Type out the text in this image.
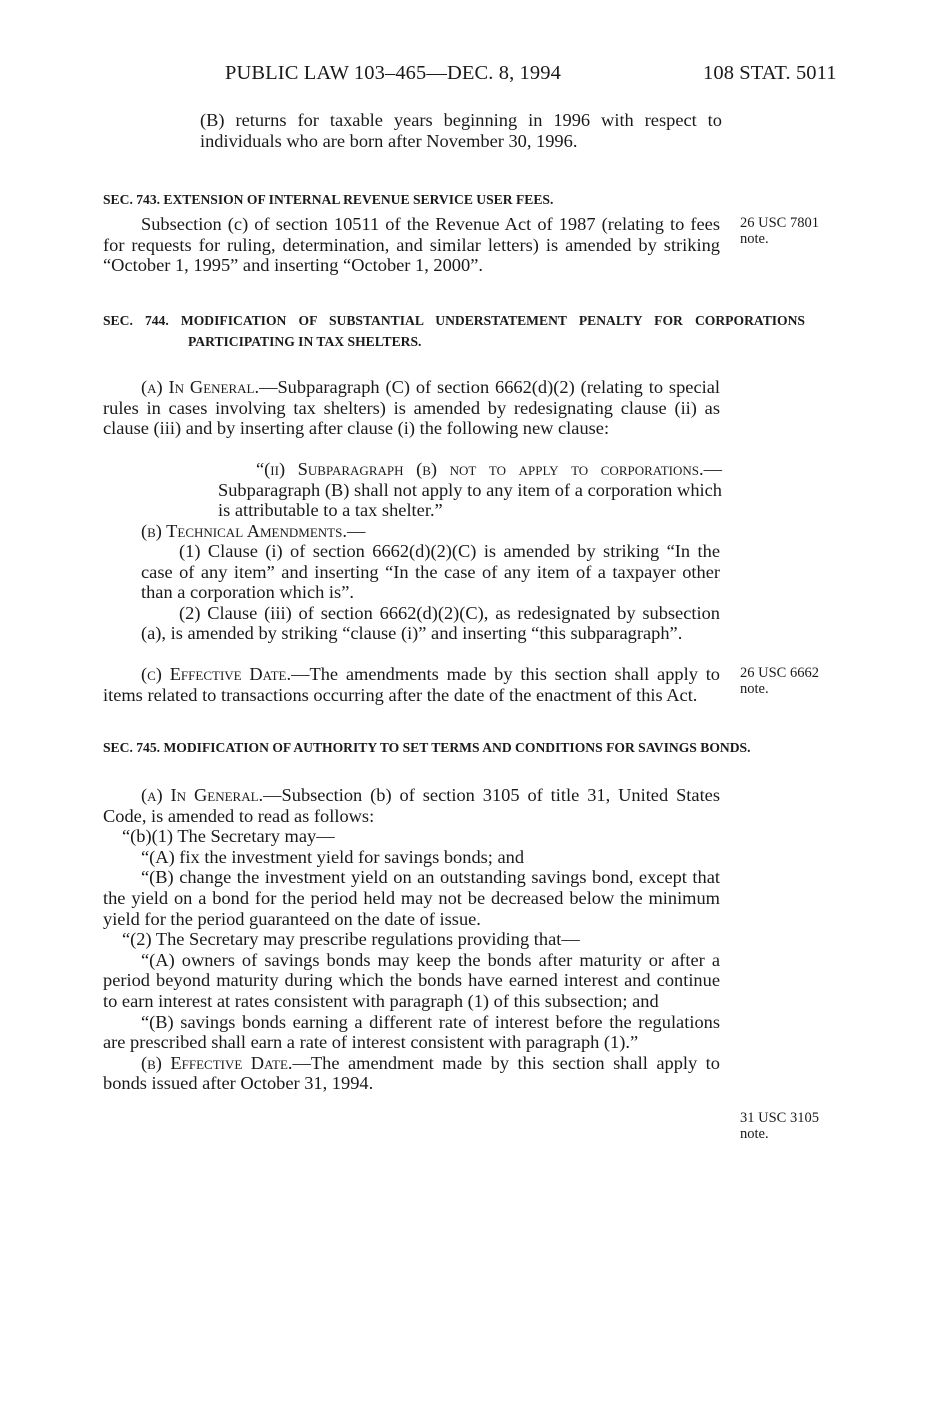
PUBLIC LAW 103–465—DEC. 8, 1994	108 STAT. 5011

(B) returns for taxable years beginning in 1996 with respect to individuals who are born after November 30, 1996.

SEC. 743. EXTENSION OF INTERNAL REVENUE SERVICE USER FEES.

Subsection (c) of section 10511 of the Revenue Act of 1987 (relating to fees for requests for ruling, determination, and similar letters) is amended by striking “October 1, 1995” and inserting “October 1, 2000”.

26 USC 7801
note.
SEC. 744. MODIFICATION OF SUBSTANTIAL UNDERSTATEMENT PENALTY FOR CORPORATIONS PARTICIPATING IN TAX SHELTERS.

(a) In General.—Subparagraph (C) of section 6662(d)(2) (relating to special rules in cases involving tax shelters) is amended by redesignating clause (ii) as clause (iii) and by inserting after clause (i) the following new clause:

“(ii) Subparagraph (b) not to apply to corporations.—Subparagraph (B) shall not apply to any item of a corporation which is attributable to a tax shelter.”

(b) Technical Amendments.—

(1) Clause (i) of section 6662(d)(2)(C) is amended by striking “In the case of any item” and inserting “In the case of any item of a taxpayer other than a corporation which is”.

(2) Clause (iii) of section 6662(d)(2)(C), as redesignated by subsection (a), is amended by striking “clause (i)” and inserting “this subparagraph”.

(c) Effective Date.—The amendments made by this section shall apply to items related to transactions occurring after the date of the enactment of this Act.

26 USC 6662
note.
SEC. 745. MODIFICATION OF AUTHORITY TO SET TERMS AND CONDITIONS FOR SAVINGS BONDS.

(a) In General.—Subsection (b) of section 3105 of title 31, United States Code, is amended to read as follows:

“(b)(1) The Secretary may—

“(A) fix the investment yield for savings bonds; and

“(B) change the investment yield on an outstanding savings bond, except that the yield on a bond for the period held may not be decreased below the minimum yield for the period guaranteed on the date of issue.

“(2) The Secretary may prescribe regulations providing that—

“(A) owners of savings bonds may keep the bonds after maturity or after a period beyond maturity during which the bonds have earned interest and continue to earn interest at rates consistent with paragraph (1) of this subsection; and

“(B) savings bonds earning a different rate of interest before the regulations are prescribed shall earn a rate of interest consistent with paragraph (1).”

(b) Effective Date.—The amendment made by this section shall apply to bonds issued after October 31, 1994.

31 USC 3105
note.
